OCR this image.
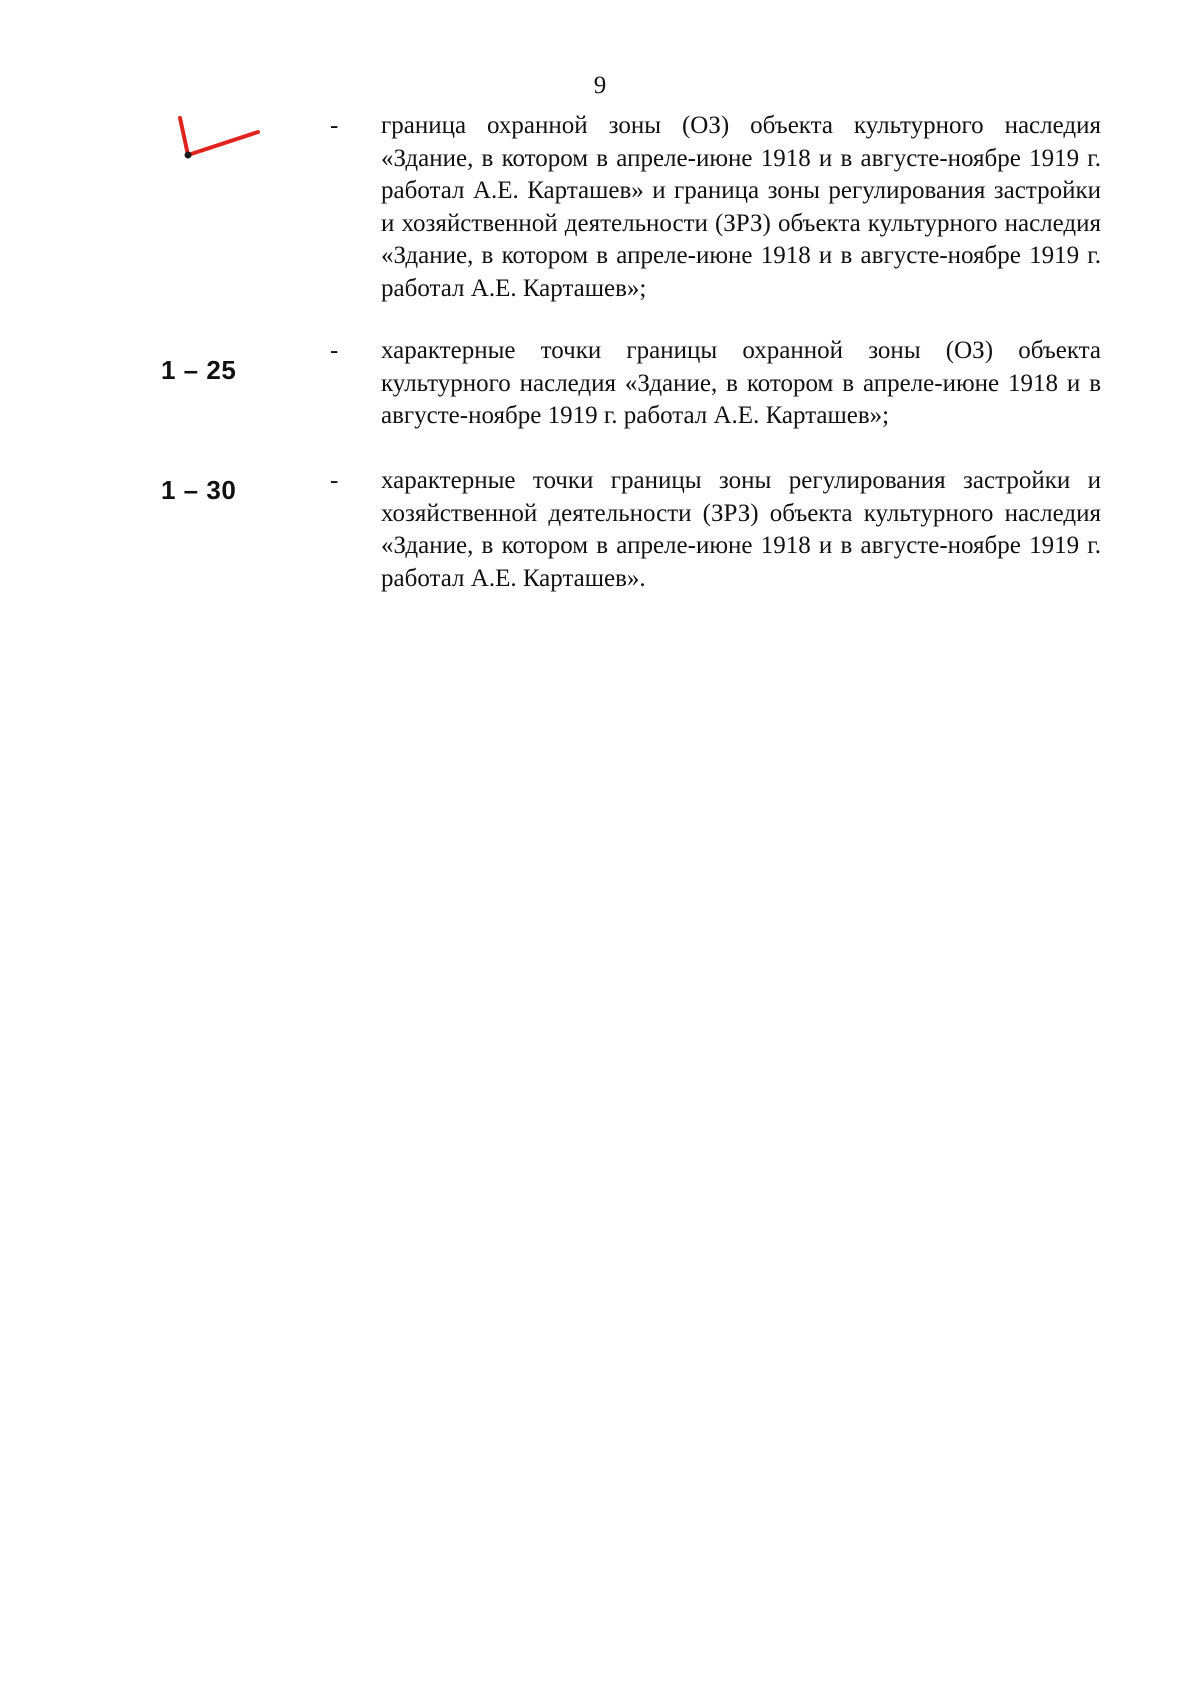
9
- граница охранной зоны (ОЗ) объекта культурного наследия «Здание, в котором в апреле-июне 1918 и в августе-ноябре 1919 г. работал А.Е. Карташев» и граница зоны регулирования застройки и хозяйственной деятельности (ЗРЗ) объекта культурного наследия «Здание, в котором в апреле-июне 1918 и в августе-ноябре 1919 г. работал А.Е. Карташев»;

1 – 25
- характерные точки границы охранной зоны (ОЗ) объекта культурного наследия «Здание, в котором в апреле-июне 1918 и в августе-ноябре 1919 г. работал А.Е. Карташев»;

1 – 30	- характерные точки границы зоны регулирования застройки и хозяйственной деятельности (ЗРЗ) объекта культурного наследия «Здание, в котором в апреле-июне 1918 и в августе-ноябре 1919 г. работал А.Е. Карташев».
